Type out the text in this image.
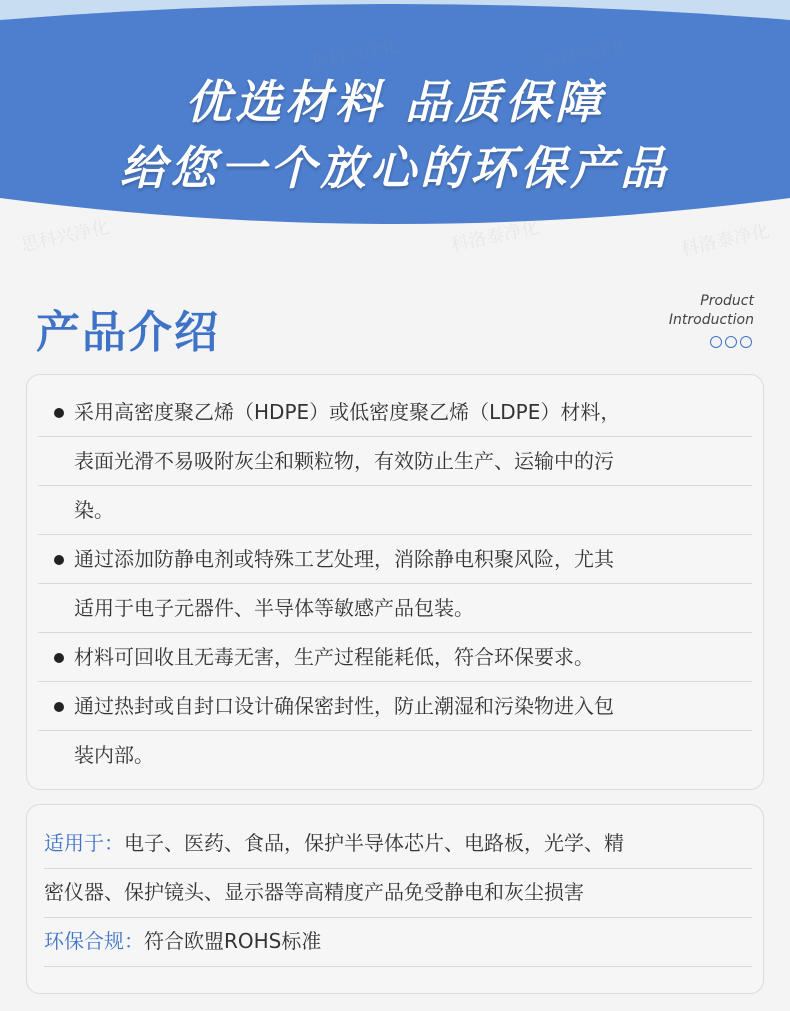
优选材料 品质保障
给您一个放心的环保产品
思科兴净化	科洛泰净化	科洛泰净化
产品介绍
Product
Introduction
采用高密度聚乙烯（HDPE）或低密度聚乙烯（LDPE）材料，
表面光滑不易吸附灰尘和颗粒物，有效防止生产、运输中的污
染。
通过添加防静电剂或特殊工艺处理，消除静电积聚风险，尤其
适用于电子元器件、半导体等敏感产品包装。
材料可回收且无毒无害，生产过程能耗低，符合环保要求。
通过热封或自封口设计确保密封性，防止潮湿和污染物进入包
装内部。
适用于：电子、医药、食品，保护半导体芯片、电路板，光学、精
密仪器、保护镜头、显示器等高精度产品免受静电和灰尘损害
环保合规：符合欧盟ROHS标准
